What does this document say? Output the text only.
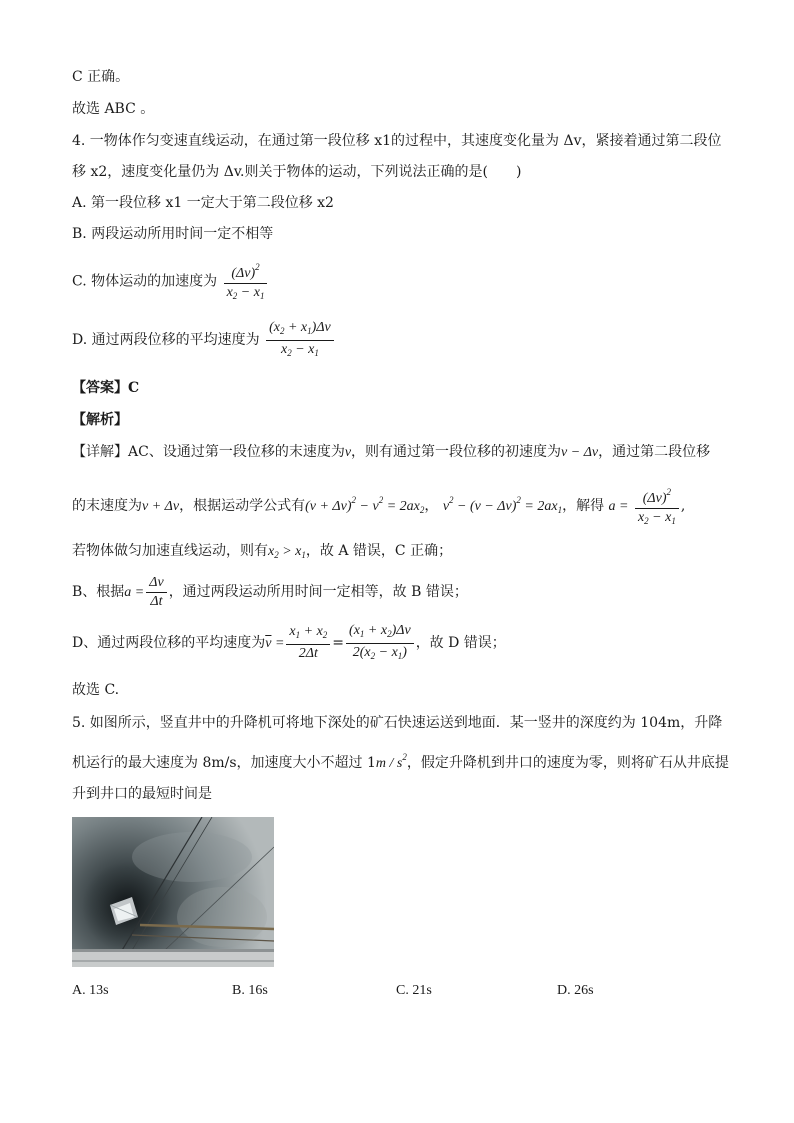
C 正确。
故选 ABC 。
4. 一物体作匀变速直线运动，在通过第一段位移 x1的过程中，其速度变化量为 Δv，紧接着通过第二段位
移 x2，速度变化量仍为 Δv.则关于物体的运动，下列说法正确的是(　　)
A. 第一段位移 x1 一定大于第二段位移 x2
B. 两段运动所用时间一定不相等
C. 物体运动的加速度为 $\frac{(\Delta v)^2}{x_2 - x_1}$
D. 通过两段位移的平均速度为 $\frac{(x_2 + x_1)\Delta v}{x_2 - x_1}$
【答案】C
【解析】
【详解】AC、设通过第一段位移的末速度为v，则有通过第一段位移的初速度为v − Δv，通过第二段位移
的末速度为v + Δv，根据运动学公式有$(v + \Delta v)^2 - v^2 = 2ax_2$， $v^2 - (v - \Delta v)^2 = 2ax_1$，解得 $a = \frac{(\Delta v)^2}{x_2 - x_1}$ ,
若物体做匀加速直线运动，则有$x_2 > x_1$，故 A 错误，C 正确；
B、根据$a = \frac{\Delta v}{\Delta t}$ ，通过两段运动所用时间一定相等，故 B 错误；
D、通过两段位移的平均速度为$\overline{v} = \frac{x_1 + x_2}{2\Delta t} = \frac{(x_1 + x_2)\Delta v}{2(x_2 - x_1)}$ ，故 D 错误；
故选 C.
5. 如图所示，竖直井中的升降机可将地下深处的矿石快速运送到地面．某一竖井的深度约为 104m，升降
机运行的最大速度为 8m/s，加速度大小不超过 $1m / s^2$，假定升降机到井口的速度为零，则将矿石从井底提
升到井口的最短时间是
A. 13s	B. 16s	C. 21s	D. 26s
